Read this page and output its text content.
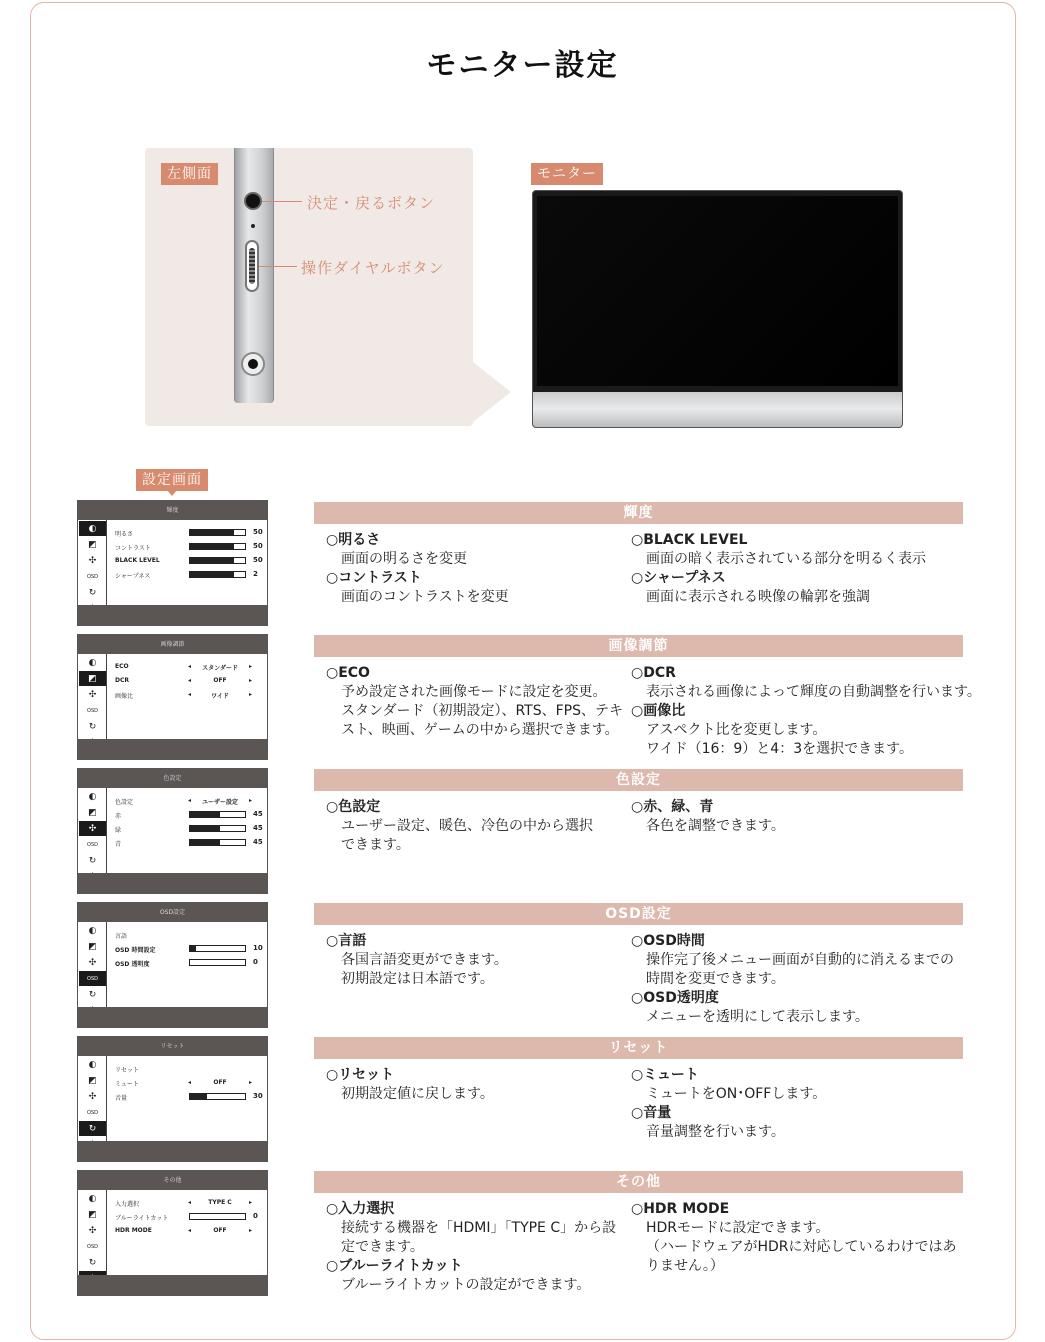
モニター設定
左側面
決定・戻るボタン
操作ダイヤルボタン
モニター
設定画面
輝度
◐
◩
✣
OSD
↻
明るさ	50
コントラスト	50
BLACK LEVEL	50
シャープネス	2
画像調節
◐
◩
✣
OSD
↻
ECO	◂ スタンダード ▸
DCR	◂	OFF	▸
画像比	◂	ワイド	▸
色設定
◐
◩
✣
OSD
↻
色設定	◂ ユーザー設定 ▸
赤	45
緑	45
青	45
OSD設定
◐
◩
✣
OSD
↻
言語
OSD 時間設定	10
OSD 透明度	0
リセット
◐
◩
✣
OSD
↻
リセット
ミュート	◂	OFF	▸
音量	30
その他
◐
◩
✣
OSD
↻
入力選択	◂	TYPE C	▸
ブルーライトカット	0
HDR MODE	◂	OFF	▸
輝度
○明るさ
画面の明るさを変更
○コントラスト
画面のコントラストを変更
○BLACK LEVEL
画面の暗く表示されている部分を明るく表示
○シャープネス
画面に表示される映像の輪郭を強調
画像調節
○ECO
予め設定された画像モードに設定を変更。
スタンダード（初期設定）、RTS、FPS、テキ
スト、映画、ゲームの中から選択できます。
○DCR
表示される画像によって輝度の自動調整を行います。
○画像比
アスペクト比を変更します。
ワイド（16：9）と4：3を選択できます。
色設定
○色設定
ユーザー設定、暖色、冷色の中から選択
できます。
○赤、緑、青
各色を調整できます。
OSD設定
○言語
各国言語変更ができます。
初期設定は日本語です。
○OSD時間
操作完了後メニュー画面が自動的に消えるまでの
時間を変更できます。
○OSD透明度
メニューを透明にして表示します。
リセット
○リセット
初期設定値に戻します。
○ミュート
ミュートをON･OFFします。
○音量
音量調整を行います。
その他
○入力選択
接続する機器を「HDMI」「TYPE C」から設
定できます。
○ブルーライトカット
ブルーライトカットの設定ができます。
○HDR MODE
HDRモードに設定できます。
（ハードウェアがHDRに対応しているわけではあ
りません。）
